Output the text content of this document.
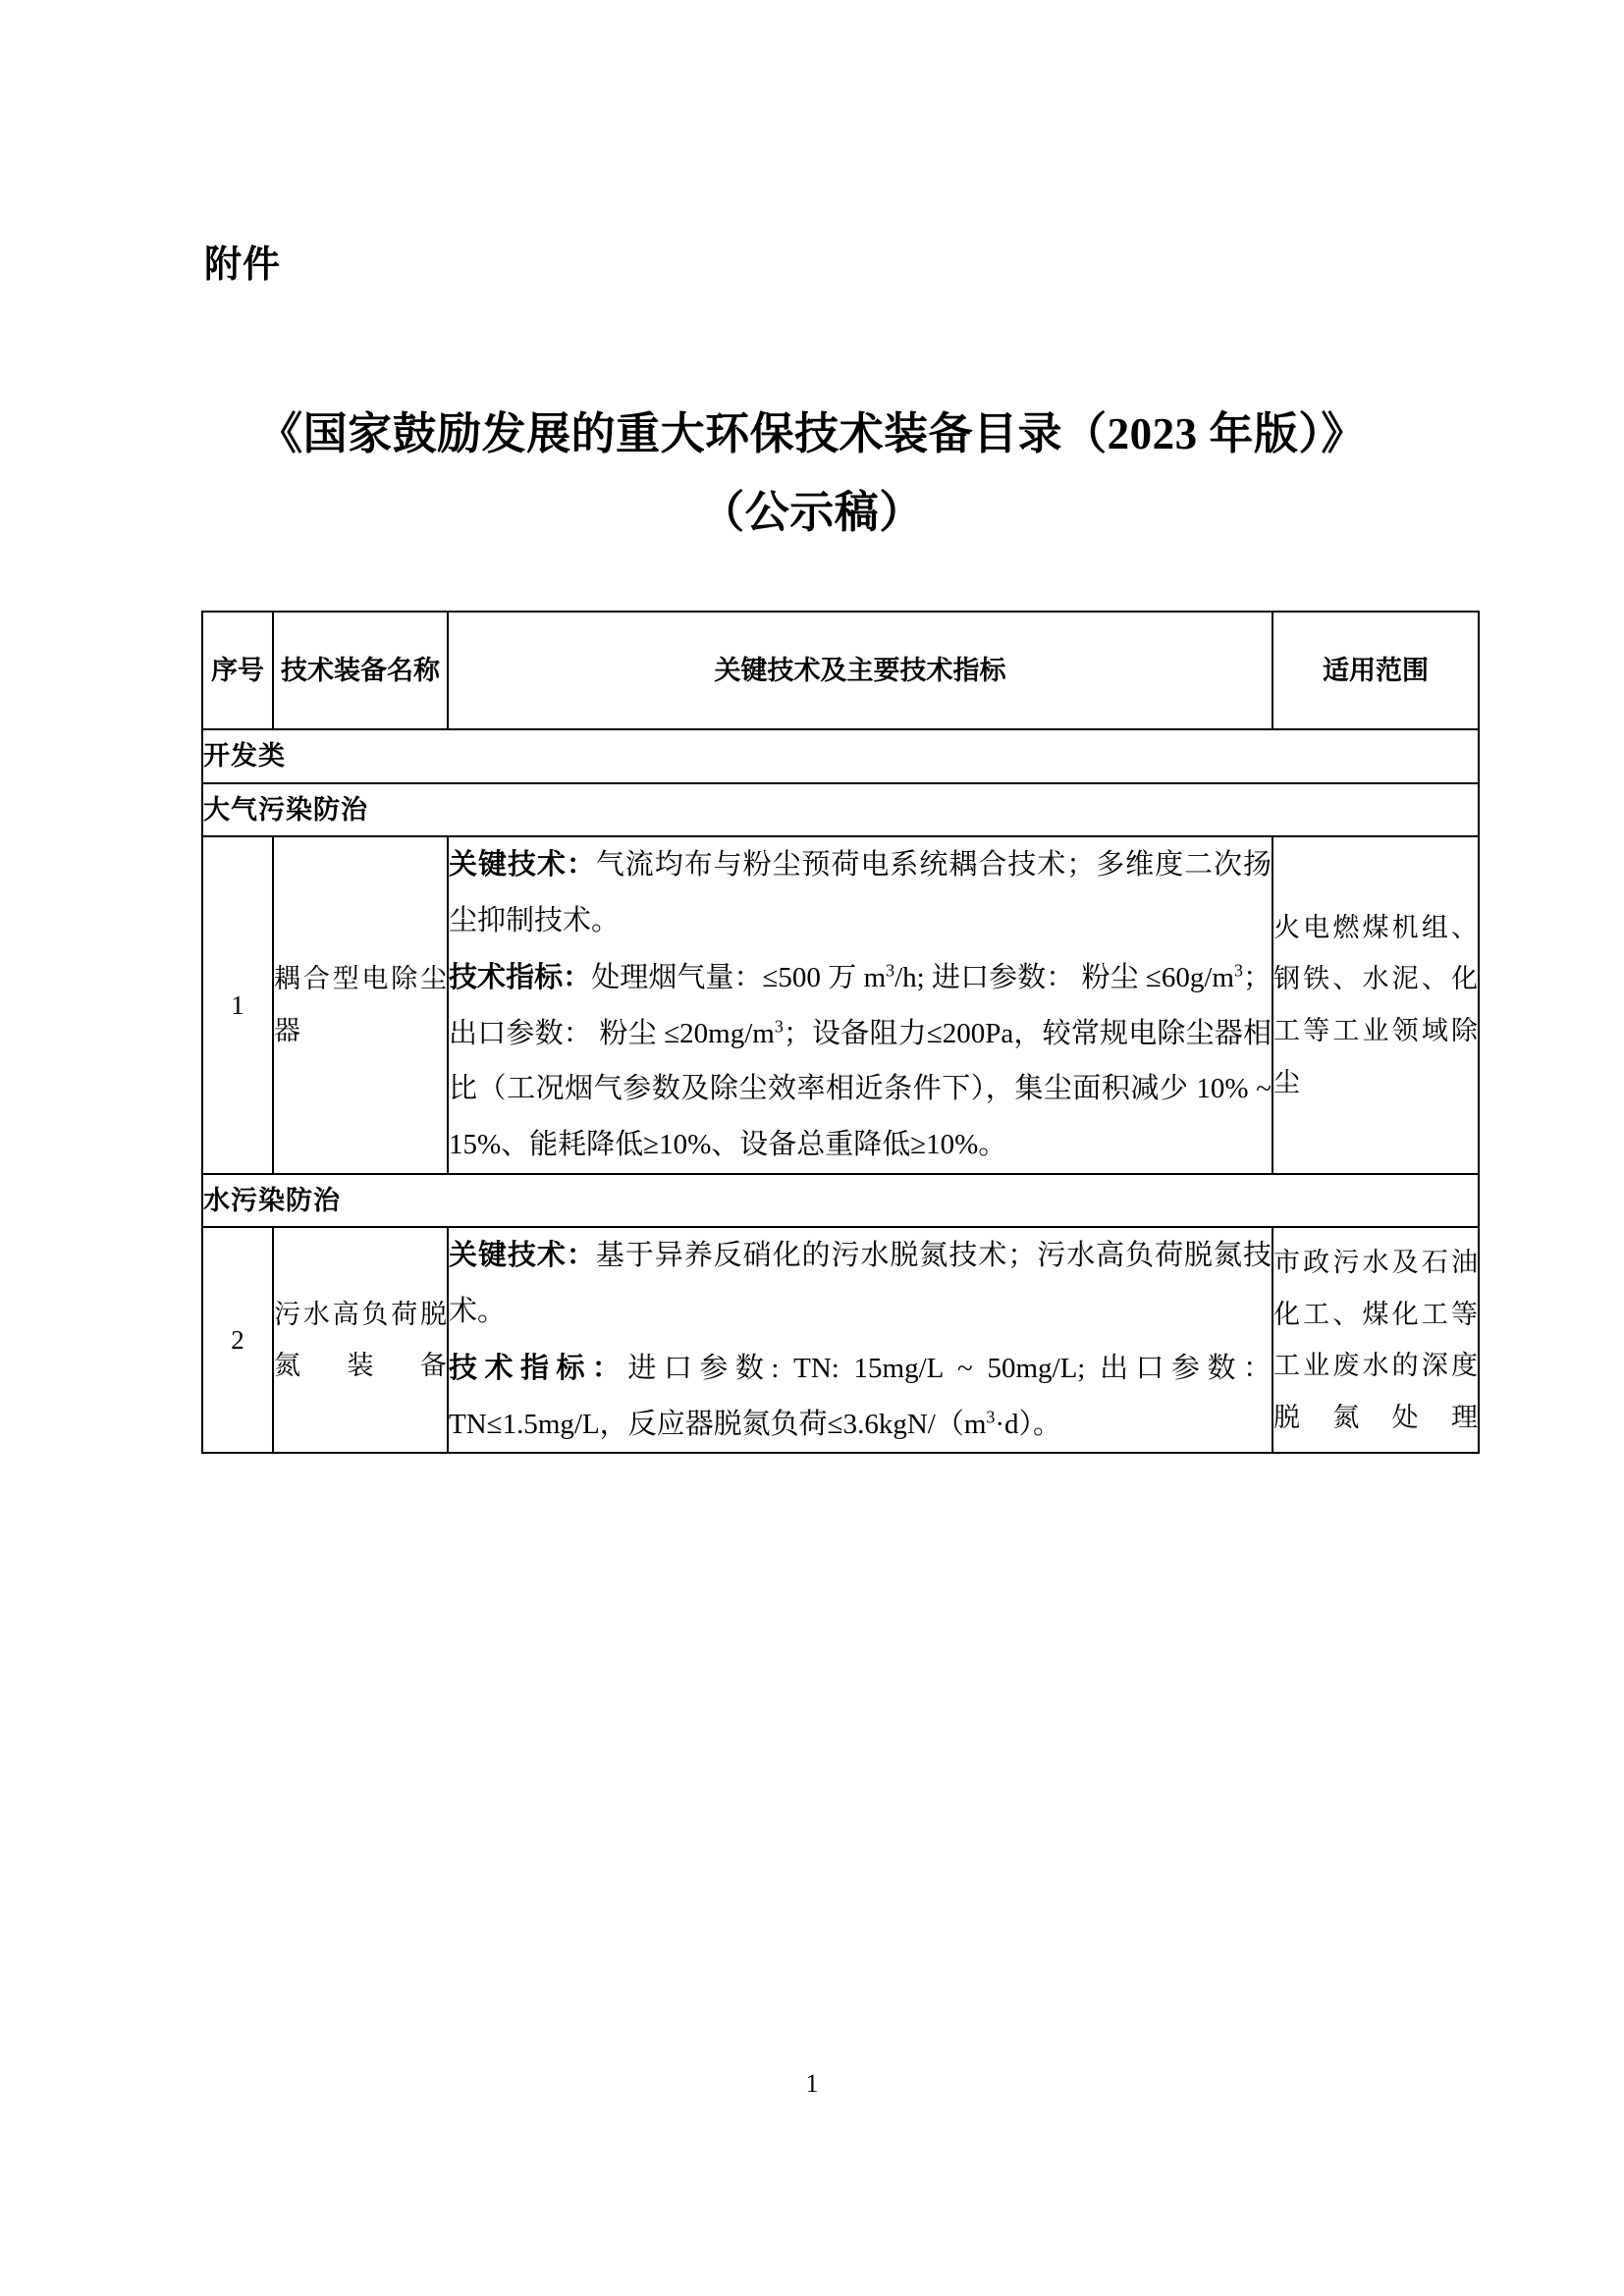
附件
《国家鼓励发展的重大环保技术装备目录（2023 年版）》
（公示稿）
序号	技术装备名称	关键技术及主要技术指标	适用范围
开发类			
大气污染防治			
1	耦合型电除尘器	关键技术：气流均布与粉尘预荷电系统耦合技术；多维度二次扬尘抑制技术。

技术指标：处理烟气量：≤500 万 $m^3/h$; 进口参数： 粉尘 $\le 60g/m^3$； 出口参数： 粉尘 $\le 20mg/m^3$；设备阻力≤200Pa，较常规电除尘器相比（工况烟气参数及除尘效率相近条件下），集尘面积减少 10% ~ 15%、能耗降低≥10%、设备总重降低≥10%。	火电燃煤机组、钢铁、水泥、化工等工业领域除尘
水污染防治			
2	污水高负荷脱氮装备	关键技术：基于异养反硝化的污水脱氮技术；污水高负荷脱氮技术。

技术指标：进口参数: TN: 15mg/L ~ 50mg/L; 出口参数： TN≤1.5mg/L，反应器脱氮负荷$\le 3.6kgN/(m^3\cdot d)$。	市政污水及石油化工、煤化工等工业废水的深度脱氮处理
1
